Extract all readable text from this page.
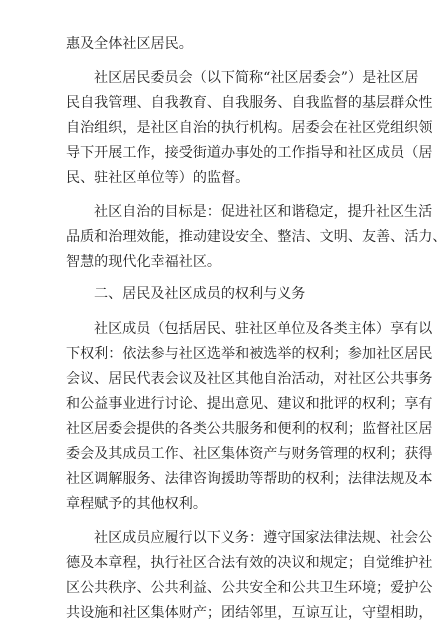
惠及全体社区居民。
社区居民委员会（以下简称“社区居委会”）是社区居
民自我管理、自我教育、自我服务、自我监督的基层群众性
自治组织，是社区自治的执行机构。居委会在社区党组织领
导下开展工作，接受街道办事处的工作指导和社区成员（居
民、驻社区单位等）的监督。
社区自治的目标是：促进社区和谐稳定，提升社区生活
品质和治理效能，推动建设安全、整洁、文明、友善、活力、
智慧的现代化幸福社区。
二、居民及社区成员的权利与义务
社区成员（包括居民、驻社区单位及各类主体）享有以
下权利：依法参与社区选举和被选举的权利；参加社区居民
会议、居民代表会议及社区其他自治活动，对社区公共事务
和公益事业进行讨论、提出意见、建议和批评的权利；享有
社区居委会提供的各类公共服务和便利的权利；监督社区居
委会及其成员工作、社区集体资产与财务管理的权利；获得
社区调解服务、法律咨询援助等帮助的权利；法律法规及本
章程赋予的其他权利。
社区成员应履行以下义务：遵守国家法律法规、社会公
德及本章程，执行社区合法有效的决议和规定；自觉维护社
区公共秩序、公共利益、公共安全和公共卫生环境；爱护公
共设施和社区集体财产；团结邻里，互谅互让，守望相助，
